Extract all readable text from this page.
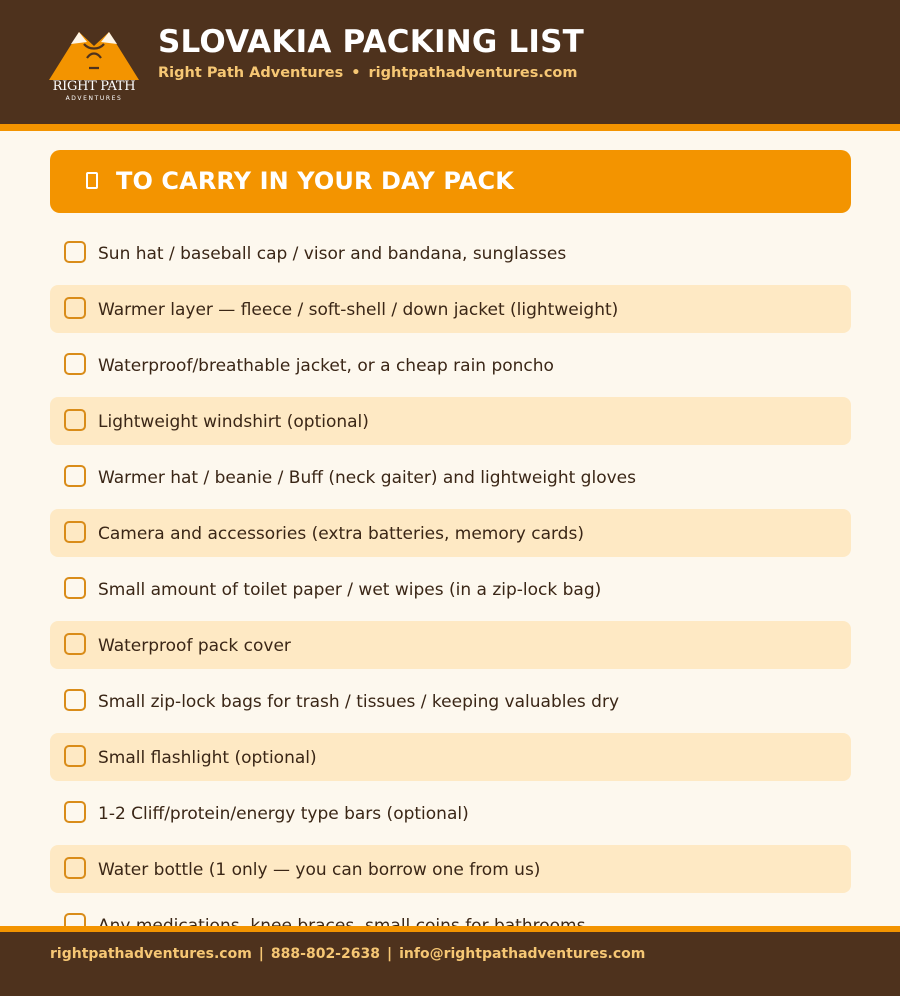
RIGHT PATH
ADVENTURES
SLOVAKIA PACKING LIST
Right Path Adventures • rightpathadventures.com
TO CARRY IN YOUR DAY PACK
Sun hat / baseball cap / visor and bandana, sunglasses
Warmer layer — fleece / soft-shell / down jacket (lightweight)
Waterproof/breathable jacket, or a cheap rain poncho
Lightweight windshirt (optional)
Warmer hat / beanie / Buff (neck gaiter) and lightweight gloves
Camera and accessories (extra batteries, memory cards)
Small amount of toilet paper / wet wipes (in a zip-lock bag)
Waterproof pack cover
Small zip-lock bags for trash / tissues / keeping valuables dry
Small flashlight (optional)
1-2 Cliff/protein/energy type bars (optional)
Water bottle (1 only — you can borrow one from us)
rightpathadventures.com | 888-802-2638 | info@rightpathadventures.com
